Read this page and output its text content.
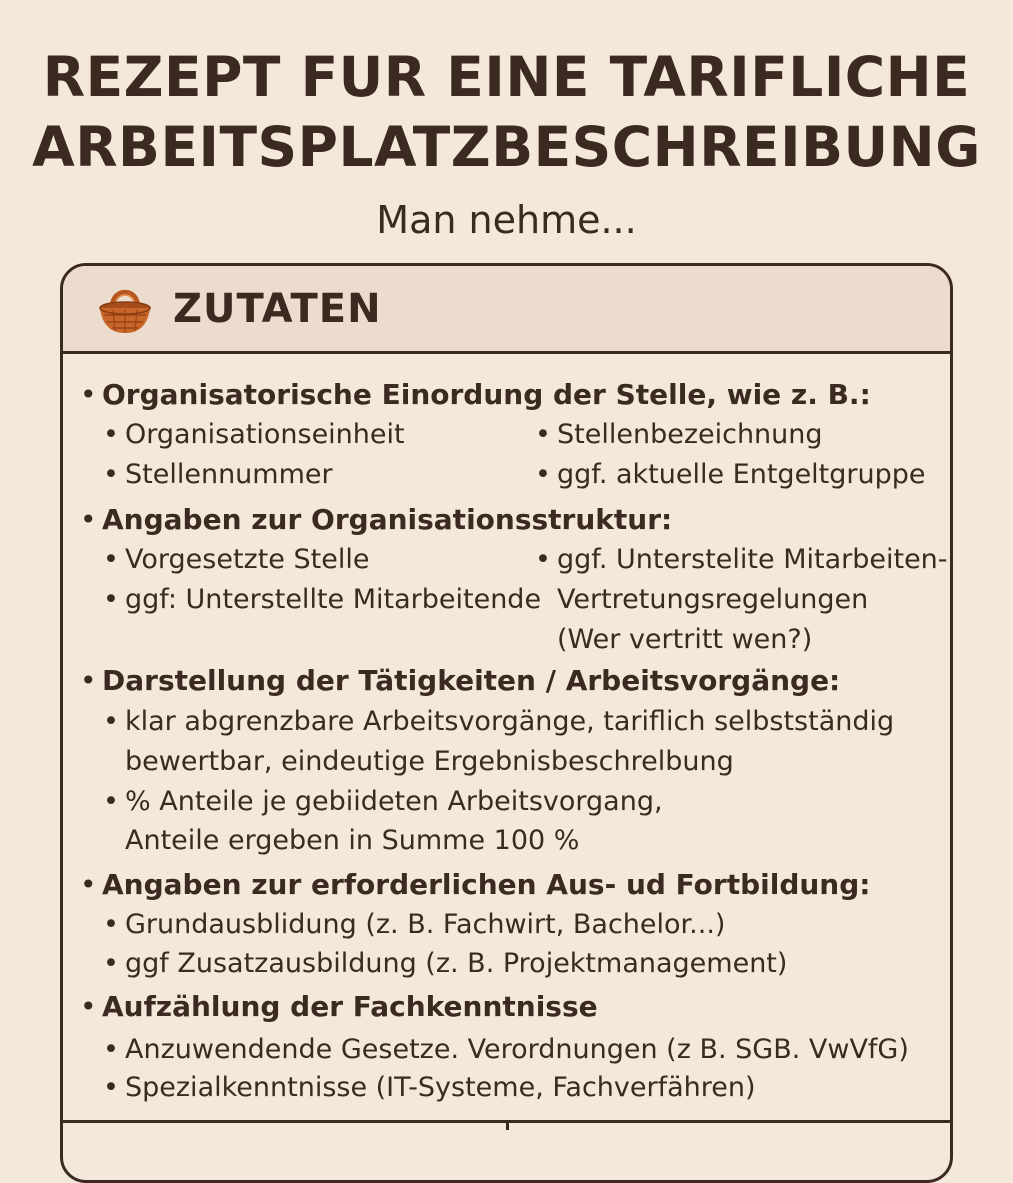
REZEPT FUR EINE TARIFLICHE
ARBEITSPLATZBESCHREIBUNG
Man nehme...
ZUTATEN
• Organisatorische Einordung der Stelle, wie z. B.:
• Organisationseinheit	• Stellenbezeichnung
• Stellennummer	• ggf. aktuelle Entgeltgruppe
• Angaben zur Organisationsstruktur:
• Vorgesetzte Stelle	• ggf. Unterstelite Mitarbeiten-
• ggf: Unterstellte Mitarbeitende Vertretungsregelungen
(Wer vertritt wen?)
• Darstellung der Tätigkeiten / Arbeitsvorgänge:
• klar abgrenzbare Arbeitsvorgänge, tariflich selbstständig
bewertbar, eindeutige Ergebnisbeschrelbung
• % Anteile je gebiideten Arbeitsvorgang,
Anteile ergeben in Summe 100 %
• Angaben zur erforderlichen Aus- ud Fortbildung:
• Grundausblidung (z. B. Fachwirt, Bachelor...)
• ggf Zusatzausbildung (z. B. Projektmanagement)
• Aufzählung der Fachkenntnisse
• Anzuwendende Gesetze. Verordnungen (z B. SGB. VwVfG)
• Spezialkenntnisse (IT-Systeme, Fachverfähren)
